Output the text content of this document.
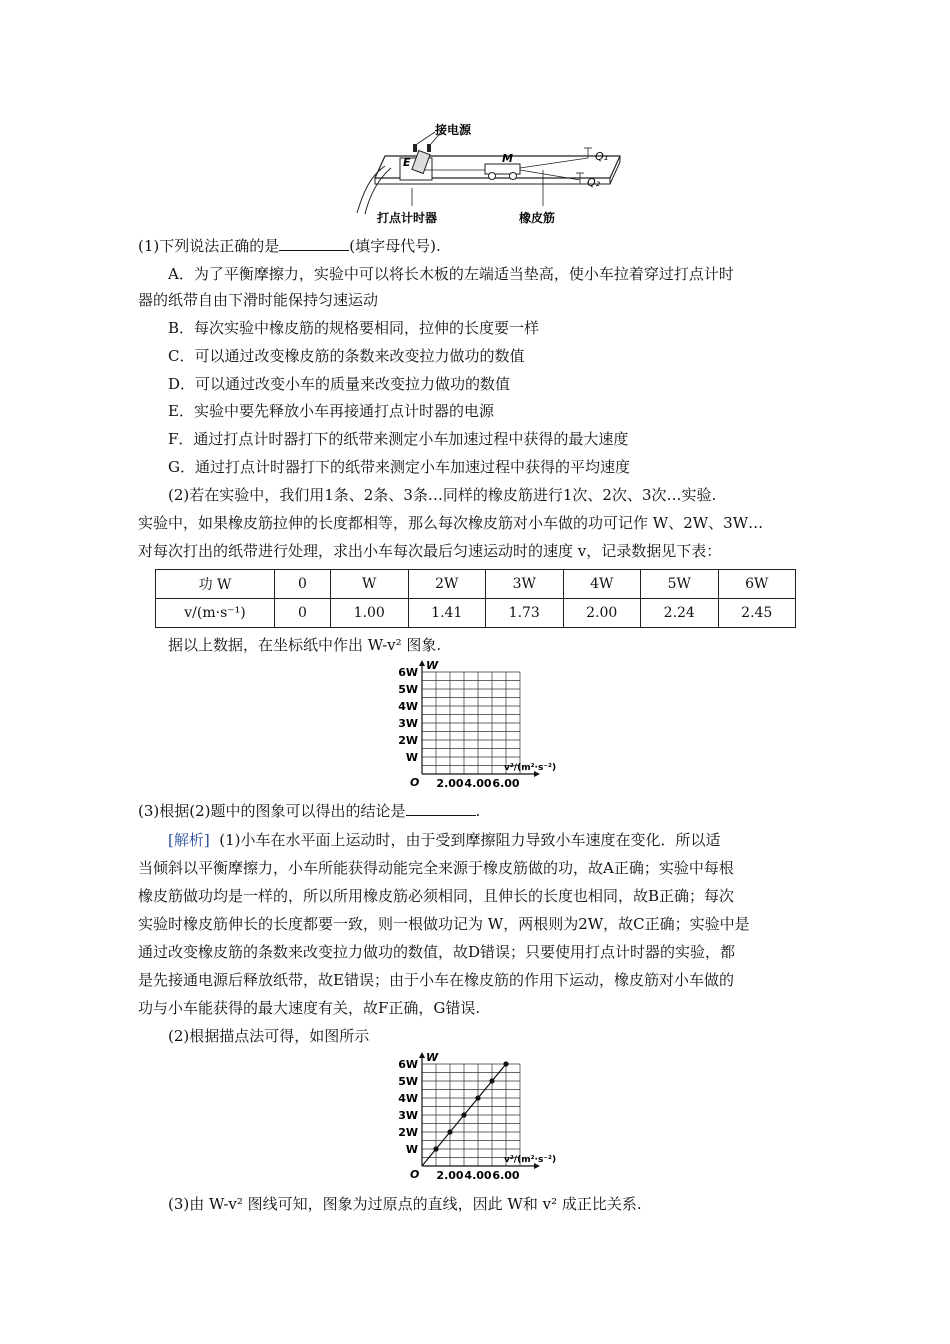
接电源
E	M	Q₁
Q₂
打点计时器	橡皮筋
(1)下列说法正确的是	(填字母代号).
A．为了平衡摩擦力，实验中可以将长木板的左端适当垫高，使小车拉着穿过打点计时
器的纸带自由下滑时能保持匀速运动
B．每次实验中橡皮筋的规格要相同，拉伸的长度要一样
C．可以通过改变橡皮筋的条数来改变拉力做功的数值
D．可以通过改变小车的质量来改变拉力做功的数值
E．实验中要先释放小车再接通打点计时器的电源
F．通过打点计时器打下的纸带来测定小车加速过程中获得的最大速度
G．通过打点计时器打下的纸带来测定小车加速过程中获得的平均速度
(2)若在实验中，我们用1条、2条、3条…同样的橡皮筋进行1次、2次、3次…实验.
实验中，如果橡皮筋拉伸的长度都相等，那么每次橡皮筋对小车做的功可记作 W、2W、3W…
对每次打出的纸带进行处理，求出小车每次最后匀速运动时的速度 v，记录数据见下表：
功 W	0	W	2W	3W	4W	5W	6W
v/(m·s⁻¹)	0	1.00	1.41	1.73	2.00	2.24	2.45
据以上数据，在坐标纸中作出 W-v² 图象.
W
v²/(m²·s⁻²)
O
W
2W
3W
4W
5W
6W
2.00 4.00 6.00
(3)根据(2)题中的图象可以得出的结论是	.
[解析] (1)小车在水平面上运动时，由于受到摩擦阻力导致小车速度在变化．所以适
当倾斜以平衡摩擦力，小车所能获得动能完全来源于橡皮筋做的功，故A正确；实验中每根
橡皮筋做功均是一样的，所以所用橡皮筋必须相同，且伸长的长度也相同，故B正确；每次
实验时橡皮筋伸长的长度都要一致，则一根做功记为 W，两根则为2W，故C正确；实验中是
通过改变橡皮筋的条数来改变拉力做功的数值，故D错误；只要使用打点计时器的实验，都
是先接通电源后释放纸带，故E错误；由于小车在橡皮筋的作用下运动，橡皮筋对小车做的
功与小车能获得的最大速度有关，故F正确，G错误.
(2)根据描点法可得，如图所示
W
v²/(m²·s⁻²)
O
W
2W
3W
4W
5W
6W
2.00 4.00 6.00
(3)由 W-v² 图线可知，图象为过原点的直线，因此 W和 v² 成正比关系.
